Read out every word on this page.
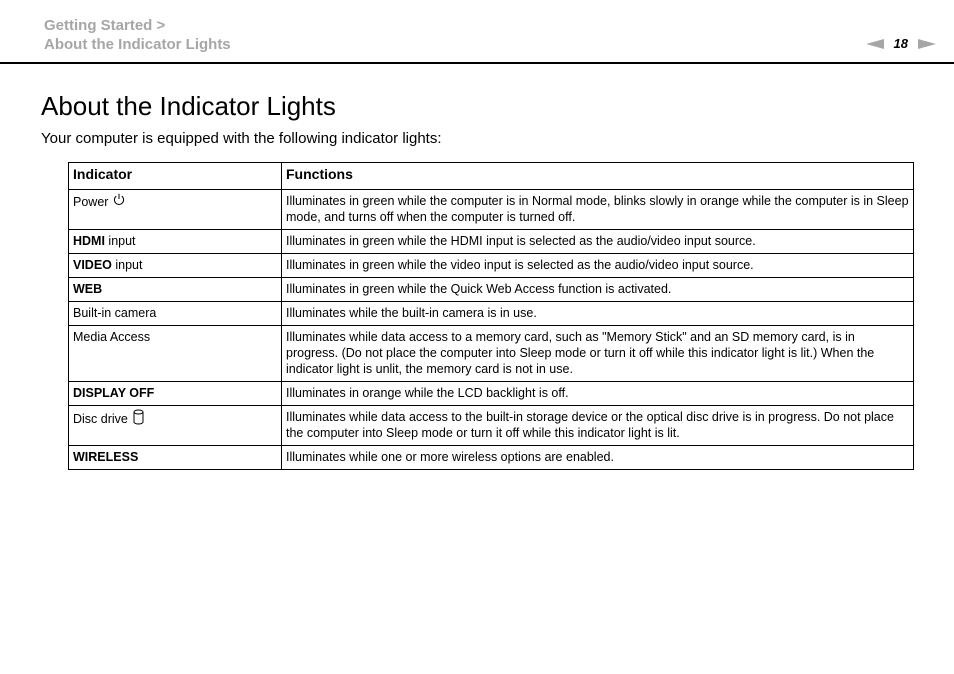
Getting Started >
About the Indicator Lights	18
About the Indicator Lights

Your computer is equipped with the following indicator lights:

Indicator	Functions

Power	Illuminates in green while the computer is in Normal mode, blinks slowly in orange while the computer is in Sleep mode, and turns off when the computer is turned off.

HDMI input	Illuminates in green while the HDMI input is selected as the audio/video input source.

VIDEO input	Illuminates in green while the video input is selected as the audio/video input source.

WEB	Illuminates in green while the Quick Web Access function is activated.

Built-in camera	Illuminates while the built-in camera is in use.

Media Access	Illuminates while data access to a memory card, such as "Memory Stick" and an SD memory card, is in progress. (Do not place the computer into Sleep mode or turn it off while this indicator light is lit.) When the indicator light is unlit, the memory card is not in use.

DISPLAY OFF	Illuminates in orange while the LCD backlight is off.

Disc drive	Illuminates while data access to the built-in storage device or the optical disc drive is in progress. Do not place the computer into Sleep mode or turn it off while this indicator light is lit.

WIRELESS	Illuminates while one or more wireless options are enabled.
